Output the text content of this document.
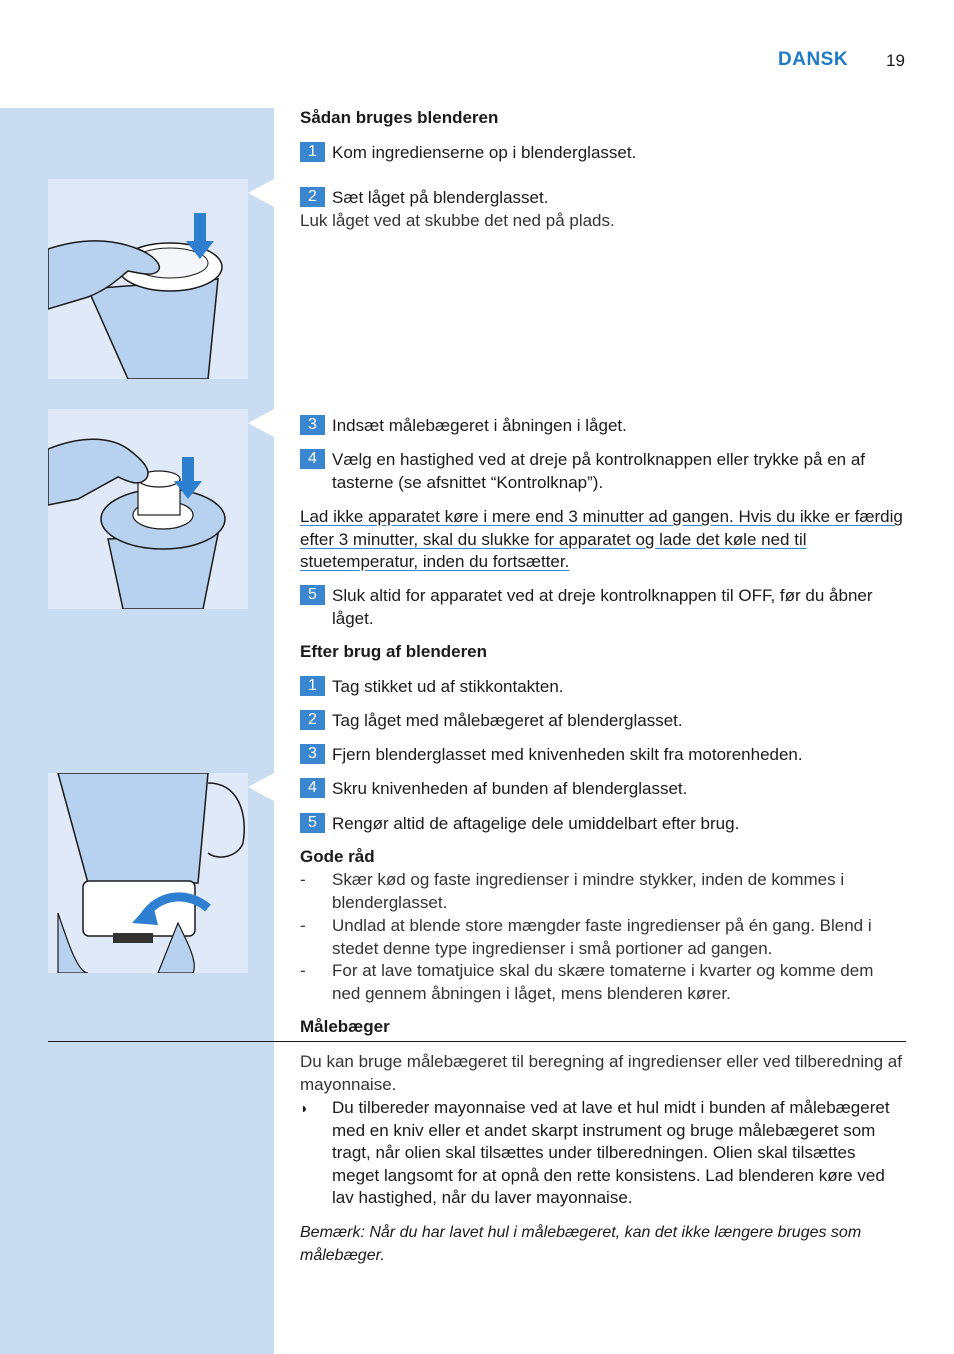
DANSK 19
Sådan bruges blenderen
1 Kom ingredienserne op i blenderglasset.
2 Sæt låget på blenderglasset.
Luk låget ved at skubbe det ned på plads.
3 Indsæt målebægeret i åbningen i låget.
4 Vælg en hastighed ved at dreje på kontrolknappen eller trykke på en af tasterne (se afsnittet “Kontrolknap”).
Lad ikke apparatet køre i mere end 3 minutter ad gangen. Hvis du ikke er færdig efter 3 minutter, skal du slukke for apparatet og lade det køle ned til stuetemperatur, inden du fortsætter.
5 Sluk altid for apparatet ved at dreje kontrolknappen til OFF, før du åbner låget.
Efter brug af blenderen
1 Tag stikket ud af stikkontakten.
2 Tag låget med målebægeret af blenderglasset.
3 Fjern blenderglasset med knivenheden skilt fra motorenheden.
4 Skru knivenheden af bunden af blenderglasset.
5 Rengør altid de aftagelige dele umiddelbart efter brug.
Gode råd
- Skær kød og faste ingredienser i mindre stykker, inden de kommes i blenderglasset.
- Undlad at blende store mængder faste ingredienser på én gang. Blend i stedet denne type ingredienser i små portioner ad gangen.
- For at lave tomatjuice skal du skære tomaterne i kvarter og komme dem ned gennem åbningen i låget, mens blenderen kører.
Målebæger
Du kan bruge målebægeret til beregning af ingredienser eller ved tilberedning af mayonnaise.
◗ Du tilbereder mayonnaise ved at lave et hul midt i bunden af målebægeret med en kniv eller et andet skarpt instrument og bruge målebægeret som tragt, når olien skal tilsættes under tilberedningen. Olien skal tilsættes meget langsomt for at opnå den rette konsistens. Lad blenderen køre ved lav hastighed, når du laver mayonnaise.
Bemærk: Når du har lavet hul i målebægeret, kan det ikke længere bruges som målebæger.
